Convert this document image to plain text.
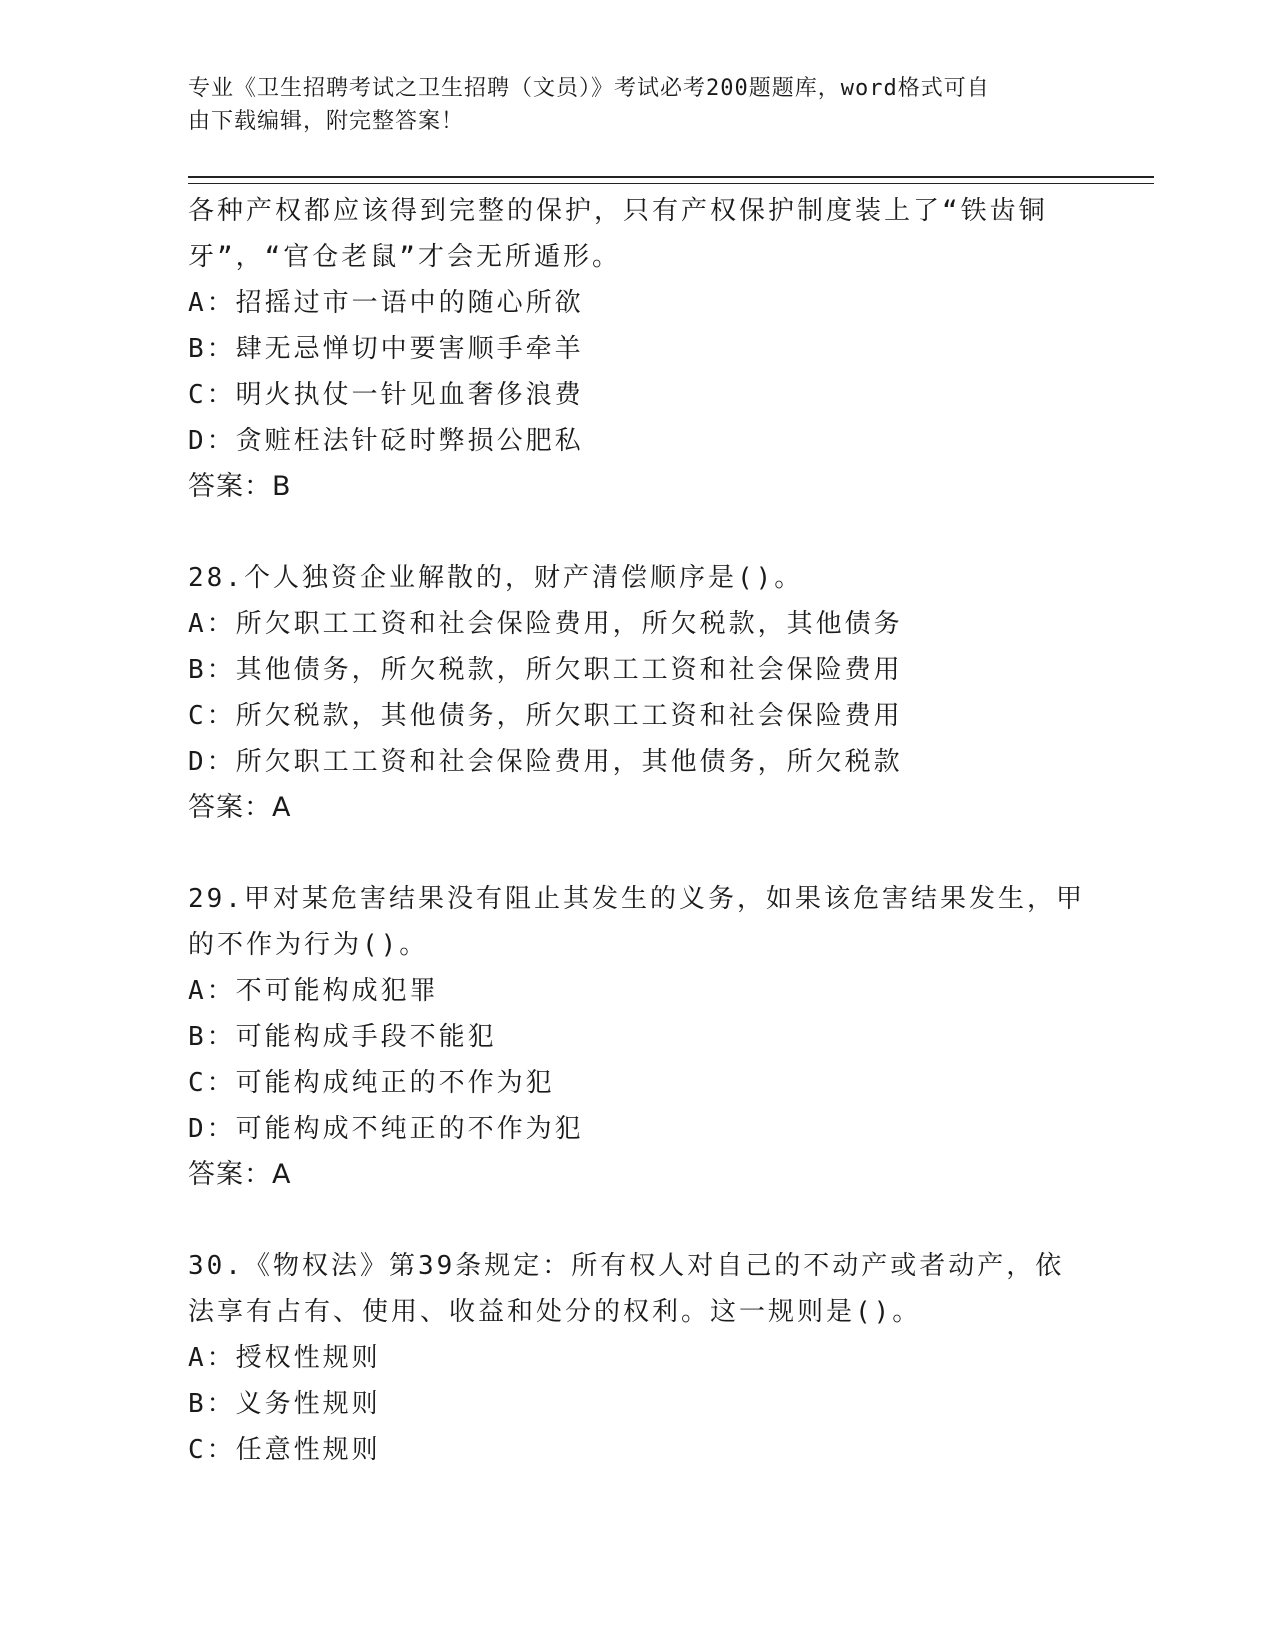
专业《卫生招聘考试之卫生招聘（文员）》考试必考200题题库，word格式可自
由下载编辑，附完整答案！
各种产权都应该得到完整的保护，只有产权保护制度装上了“铁齿铜
牙”，“官仓老鼠”才会无所遁形。
A：招摇过市一语中的随心所欲
B：肆无忌惮切中要害顺手牵羊
C：明火执仗一针见血奢侈浪费
D：贪赃枉法针砭时弊损公肥私
答案：B
28.个人独资企业解散的，财产清偿顺序是()。
A：所欠职工工资和社会保险费用，所欠税款，其他债务
B：其他债务，所欠税款，所欠职工工资和社会保险费用
C：所欠税款，其他债务，所欠职工工资和社会保险费用
D：所欠职工工资和社会保险费用，其他债务，所欠税款
答案：A
29.甲对某危害结果没有阻止其发生的义务，如果该危害结果发生，甲
的不作为行为()。
A：不可能构成犯罪
B：可能构成手段不能犯
C：可能构成纯正的不作为犯
D：可能构成不纯正的不作为犯
答案：A
30.《物权法》第39条规定：所有权人对自己的不动产或者动产，依
法享有占有、使用、收益和处分的权利。这一规则是()。
A：授权性规则
B：义务性规则
C：任意性规则
